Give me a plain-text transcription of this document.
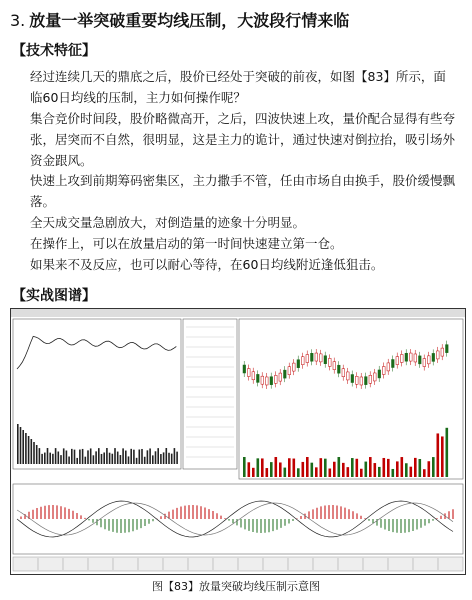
3. 放量一举突破重要均线压制，大波段行情来临
【技术特征】
经过连续几天的鼎底之后，股价已经处于突破的前夜，如图【83】所示，面临60日均线的压制，主力如何操作呢？
集合竞价时间段，股价略微高开，之后，四波快速上攻，量价配合显得有些夸张，居突而不自然，很明显，这是主力的诡计，通过快速对倒拉抬，吸引场外资金跟风。
快速上攻到前期筹码密集区，主力撒手不管，任由市场自由换手，股价缓慢飘落。
全天成交量急剧放大，对倒造量的迹象十分明显。
在操作上，可以在放量启动的第一时间快速建立第一仓。
如果来不及反应，也可以耐心等待，在60日均线附近逢低狙击。
【实战图谱】
图【83】放量突破均线压制示意图
